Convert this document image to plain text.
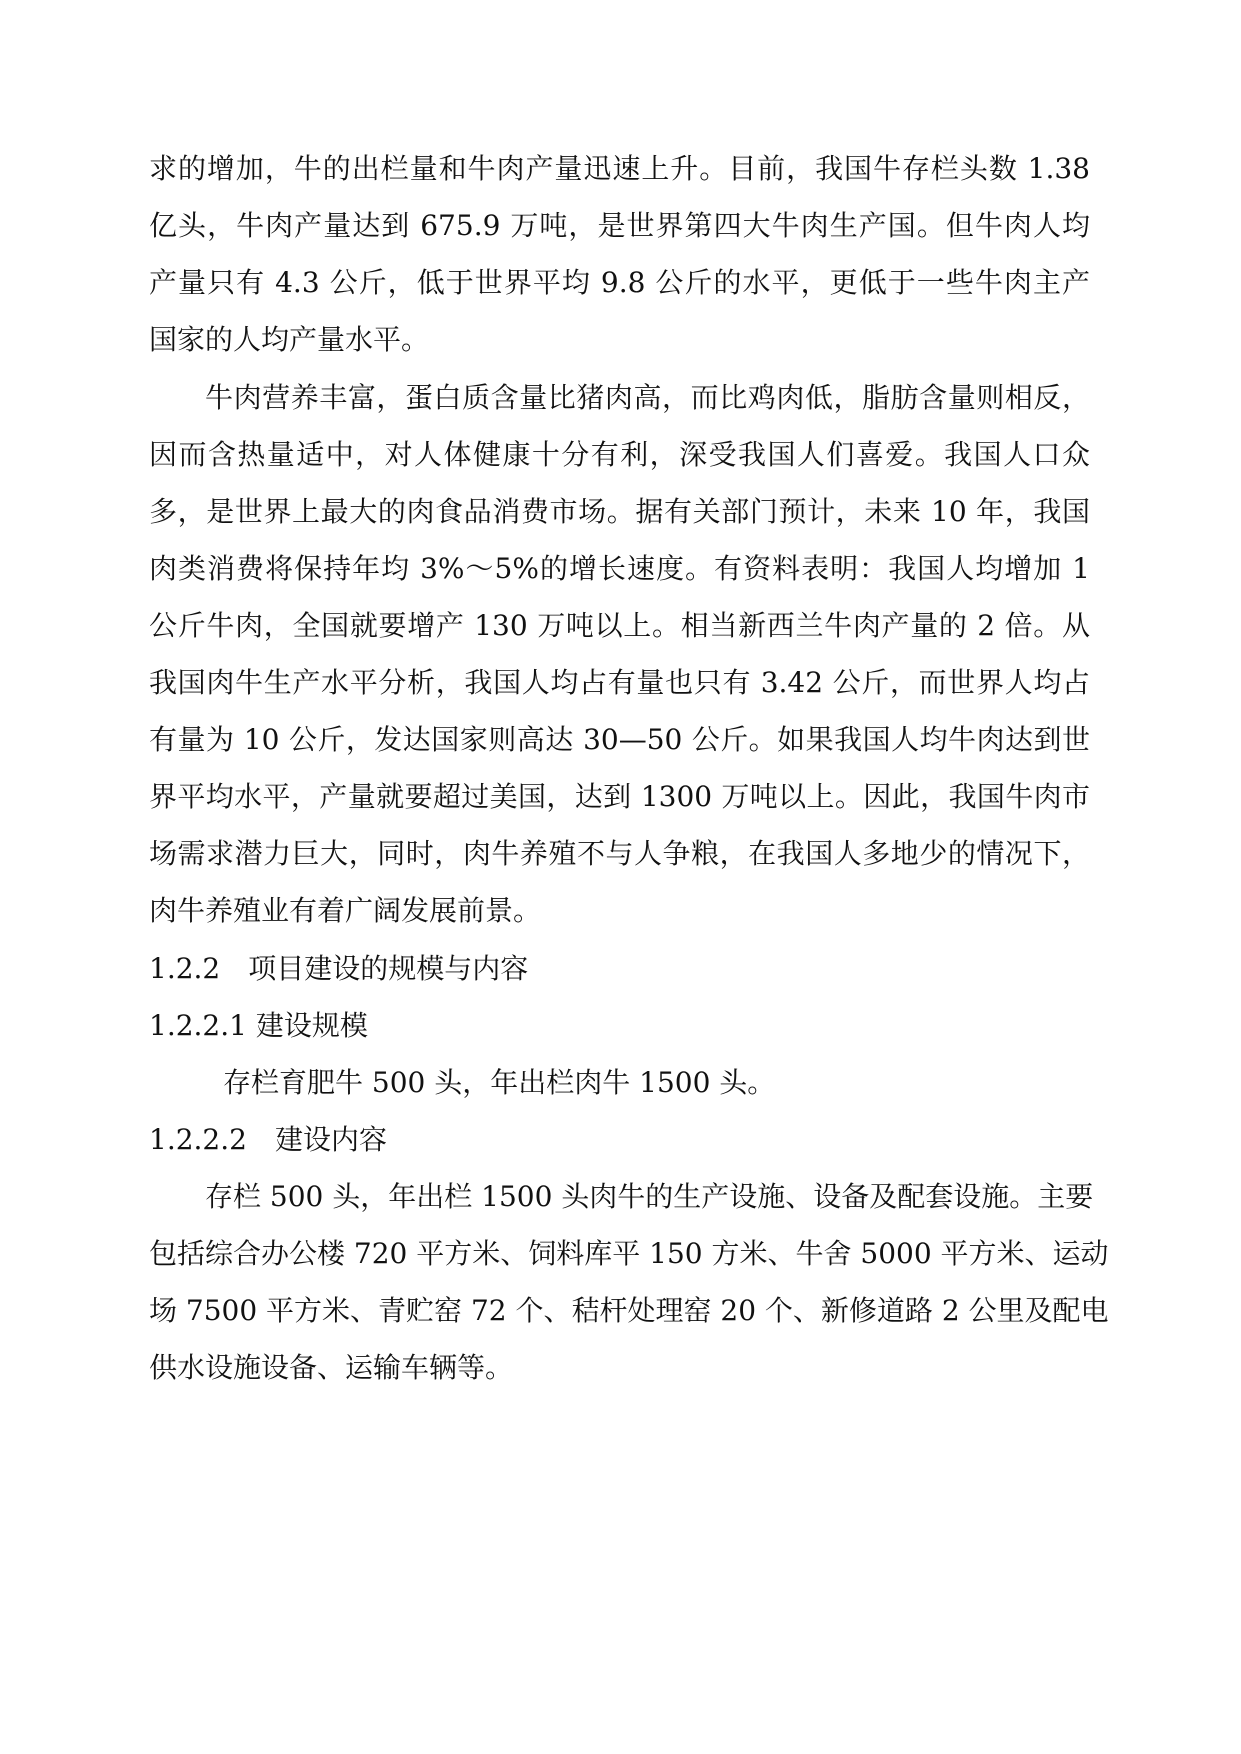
求的增加，牛的出栏量和牛肉产量迅速上升。目前，我国牛存栏头数 1.38
亿头，牛肉产量达到 675.9 万吨，是世界第四大牛肉生产国。但牛肉人均
产量只有 4.3 公斤，低于世界平均 9.8 公斤的水平，更低于一些牛肉主产
国家的人均产量水平。
牛肉营养丰富，蛋白质含量比猪肉高，而比鸡肉低，脂肪含量则相反，
因而含热量适中，对人体健康十分有利，深受我国人们喜爱。我国人口众
多，是世界上最大的肉食品消费市场。据有关部门预计，未来 10 年，我国
肉类消费将保持年均 3%～5%的增长速度。有资料表明：我国人均增加 1
公斤牛肉，全国就要增产 130 万吨以上。相当新西兰牛肉产量的 2 倍。从
我国肉牛生产水平分析，我国人均占有量也只有 3.42 公斤，而世界人均占
有量为 10 公斤，发达国家则高达 30—50 公斤。如果我国人均牛肉达到世
界平均水平，产量就要超过美国，达到 1300 万吨以上。因此，我国牛肉市
场需求潜力巨大，同时，肉牛养殖不与人争粮，在我国人多地少的情况下，
肉牛养殖业有着广阔发展前景。
1.2.2　项目建设的规模与内容
1.2.2.1 建设规模
存栏育肥牛 500 头，年出栏肉牛 1500 头。
1.2.2.2　建设内容
存栏 500 头，年出栏 1500 头肉牛的生产设施、设备及配套设施。主要
包括综合办公楼 720 平方米、饲料库平 150 方米、牛舍 5000 平方米、运动
场 7500 平方米、青贮窑 72 个、秸杆处理窑 20 个、新修道路 2 公里及配电
供水设施设备、运输车辆等。
